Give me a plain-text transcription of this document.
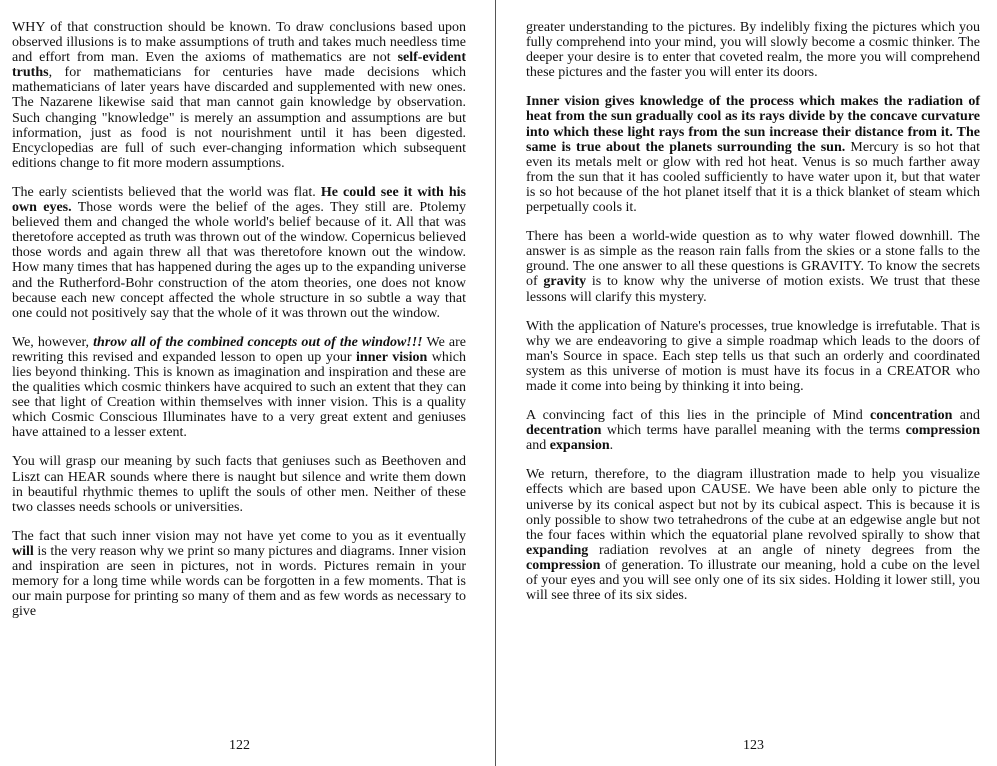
WHY of that construction should be known. To draw conclusions based upon observed illusions is to make assumptions of truth and takes much needless time and effort from man. Even the axioms of mathematics are not self-evident truths, for mathematicians for centuries have made decisions which mathematicians of later years have discarded and supplemented with new ones. The Nazarene likewise said that man cannot gain knowledge by observation. Such changing "knowledge" is merely an assumption and assumptions are but information, just as food is not nourishment until it has been digested. Encyclopedias are full of such ever-changing information which subsequent editions change to fit more modern assumptions.

The early scientists believed that the world was flat. He could see it with his own eyes. Those words were the belief of the ages. They still are. Ptolemy believed them and changed the whole world's belief because of it. All that was theretofore accepted as truth was thrown out of the window. Copernicus believed those words and again threw all that was theretofore known out the window. How many times that has happened during the ages up to the expanding universe and the Rutherford-Bohr construction of the atom theories, one does not know because each new concept affected the whole structure in so subtle a way that one could not positively say that the whole of it was thrown out the window.

We, however, throw all of the combined concepts out of the window!!! We are rewriting this revised and expanded lesson to open up your inner vision which lies beyond thinking. This is known as imagination and inspiration and these are the qualities which cosmic thinkers have acquired to such an extent that they can see that light of Creation within themselves with inner vision. This is a quality which Cosmic Conscious Illuminates have to a very great extent and geniuses have attained to a lesser extent.

You will grasp our meaning by such facts that geniuses such as Beethoven and Liszt can HEAR sounds where there is naught but silence and write them down in beautiful rhythmic themes to uplift the souls of other men. Neither of these two classes needs schools or universities.

The fact that such inner vision may not have yet come to you as it eventually will is the very reason why we print so many pictures and diagrams. Inner vision and inspiration are seen in pictures, not in words. Pictures remain in your memory for a long time while words can be forgotten in a few moments. That is our main purpose for printing so many of them and as few words as necessary to give

122

greater understanding to the pictures. By indelibly fixing the pictures which you fully comprehend into your mind, you will slowly become a cosmic thinker. The deeper your desire is to enter that coveted realm, the more you will comprehend these pictures and the faster you will enter its doors.

Inner vision gives knowledge of the process which makes the radiation of heat from the sun gradually cool as its rays divide by the concave curvature into which these light rays from the sun increase their distance from it. The same is true about the planets surrounding the sun. Mercury is so hot that even its metals melt or glow with red hot heat. Venus is so much farther away from the sun that it has cooled sufficiently to have water upon it, but that water is so hot because of the hot planet itself that it is a thick blanket of steam which perpetually cools it.

There has been a world-wide question as to why water flowed downhill. The answer is as simple as the reason rain falls from the skies or a stone falls to the ground. The one answer to all these questions is GRAVITY. To know the secrets of gravity is to know why the universe of motion exists. We trust that these lessons will clarify this mystery.

With the application of Nature's processes, true knowledge is irrefutable. That is why we are endeavoring to give a simple roadmap which leads to the doors of man's Source in space. Each step tells us that such an orderly and coordinated system as this universe of motion is must have its focus in a CREATOR who made it come into being by thinking it into being.

A convincing fact of this lies in the principle of Mind concentration and decentration which terms have parallel meaning with the terms compression and expansion.

We return, therefore, to the diagram illustration made to help you visualize effects which are based upon CAUSE. We have been able only to picture the universe by its conical aspect but not by its cubical aspect. This is because it is only possible to show two tetrahedrons of the cube at an edgewise angle but not the four faces within which the equatorial plane revolved spirally to show that expanding radiation revolves at an angle of ninety degrees from the compression of generation. To illustrate our meaning, hold a cube on the level of your eyes and you will see only one of its six sides. Holding it lower still, you will see three of its six sides.

123
